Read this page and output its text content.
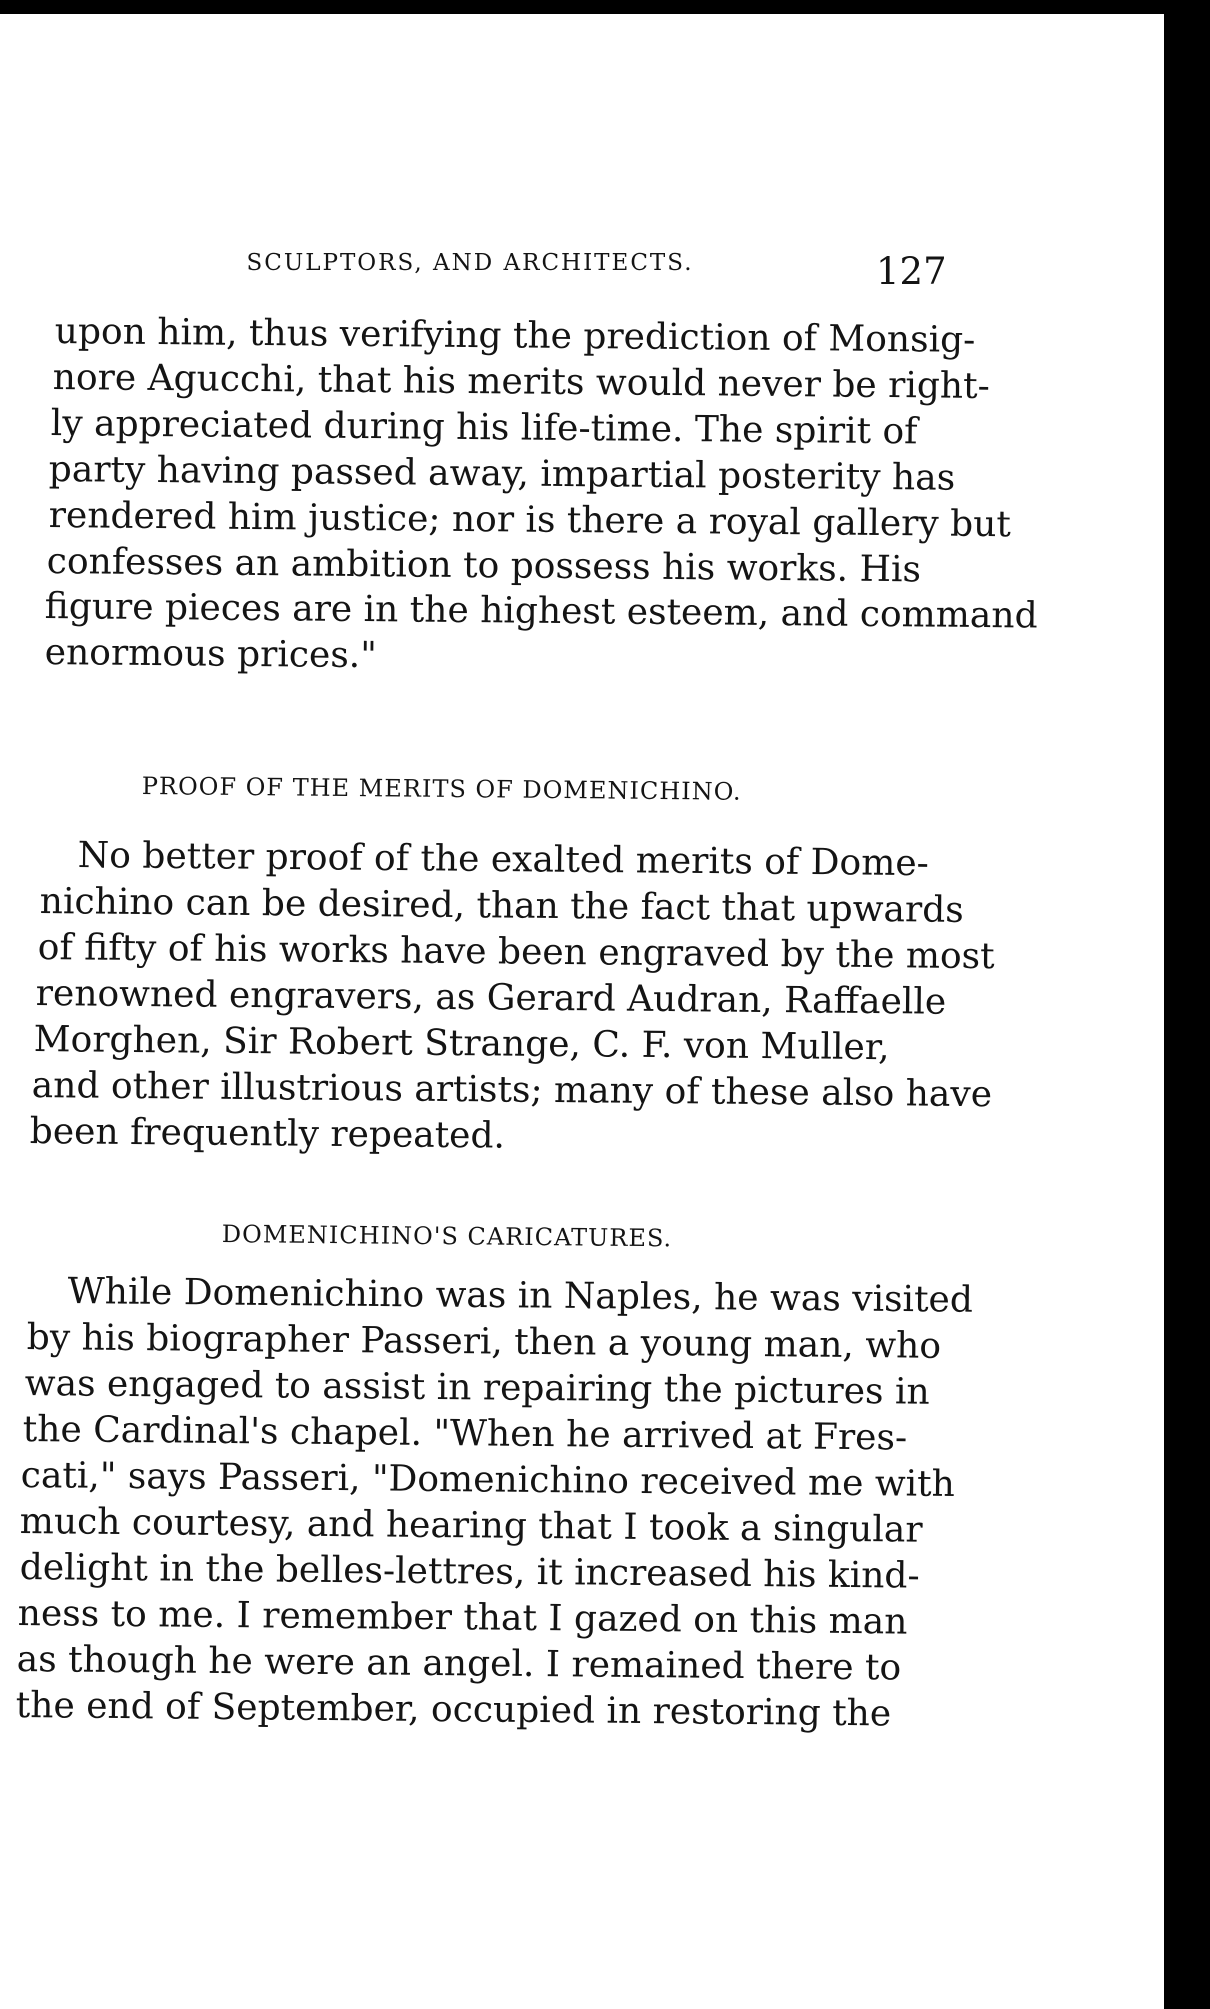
SCULPTORS, AND ARCHITECTS.	127
upon him, thus verifying the prediction of Monsig-
nore Agucchi, that his merits would never be right-
ly appreciated during his life-time. The spirit of
party having passed away, impartial posterity has
rendered him justice; nor is there a royal gallery but
confesses an ambition to possess his works. His
figure pieces are in the highest esteem, and command
enormous prices."
PROOF OF THE MERITS OF DOMENICHINO.
No better proof of the exalted merits of Dome-
nichino can be desired, than the fact that upwards
of fifty of his works have been engraved by the most
renowned engravers, as Gerard Audran, Raffaelle
Morghen, Sir Robert Strange, C. F. von Muller,
and other illustrious artists; many of these also have
been frequently repeated.
DOMENICHINO'S CARICATURES.
While Domenichino was in Naples, he was visited
by his biographer Passeri, then a young man, who
was engaged to assist in repairing the pictures in
the Cardinal's chapel. "When he arrived at Fres-
cati," says Passeri, "Domenichino received me with
much courtesy, and hearing that I took a singular
delight in the belles-lettres, it increased his kind-
ness to me. I remember that I gazed on this man
as though he were an angel. I remained there to
the end of September, occupied in restoring the
